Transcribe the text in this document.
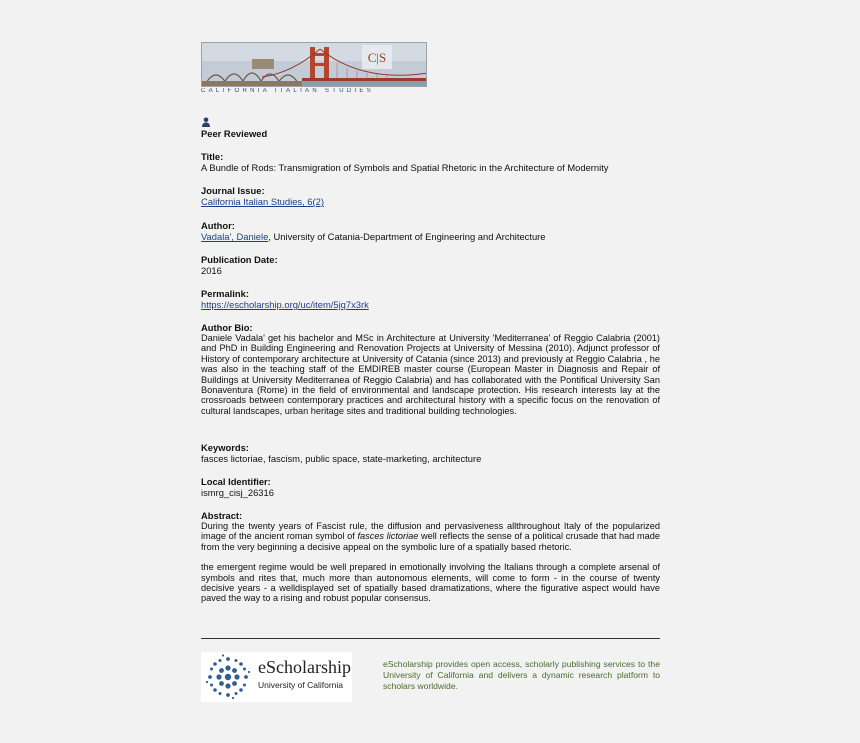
C|S
CALIFORNIA ITALIAN STUDIES
Peer Reviewed
Title:
A Bundle of Rods: Transmigration of Symbols and Spatial Rhetoric in the Architecture of Modernity
Journal Issue:
California Italian Studies, 6(2)
Author:
Vadala', Daniele, University of Catania-Department of Engineering and Architecture
Publication Date:
2016
Permalink:
https://escholarship.org/uc/item/5jq7x3rk
Author Bio:
Daniele Vadala' get his bachelor and MSc in Architecture at University 'Mediterranea' of Reggio Calabria (2001) and PhD in Building Engineering and Renovation Projects at University of Messina (2010). Adjunct professor of History of contemporary architecture at University of Catania (since 2013) and previously at Reggio Calabria , he was also in the teaching staff of the EMDIREB master course (European Master in Diagnosis and Repair of Buildings at University Mediterranea of Reggio Calabria) and has collaborated with the Pontifical University San Bonaventura (Rome) in the field of environmental and landscape protection. His research interests lay at the crossroads between contemporary practices and architectural history with a specific focus on the renovation of cultural landscapes, urban heritage sites and traditional building technologies.
Keywords:
fasces lictoriae, fascism, public space, state-marketing, architecture
Local Identifier:
ismrg_cisj_26316
Abstract:
During the twenty years of Fascist rule, the diffusion and pervasiveness allthroughout Italy of the popularized image of the ancient roman symbol of fasces lictoriae well reflects the sense of a political crusade that had made from the very beginning a decisive appeal on the symbolic lure of a spatially based rhetoric.
the emergent regime would be well prepared in emotionally involving the Italians through a complete arsenal of symbols and rites that, much more than autonomous elements, will come to form - in the course of twenty decisive years - a welldisplayed set of spatially based dramatizations, where the figurative aspect would have paved the way to a rising and robust popular consensus.
eScholarship
University of California
eScholarship provides open access, scholarly publishing services to the University of California and delivers a dynamic research platform to scholars worldwide.
